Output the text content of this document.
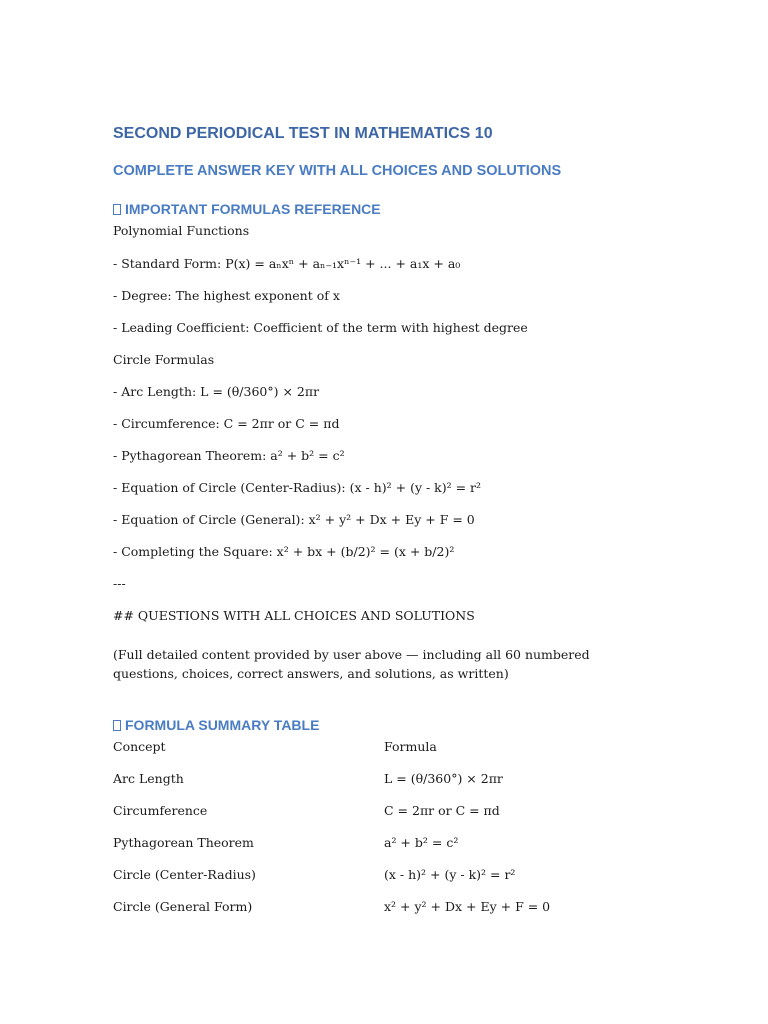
SECOND PERIODICAL TEST IN MATHEMATICS 10
COMPLETE ANSWER KEY WITH ALL CHOICES AND SOLUTIONS
IMPORTANT FORMULAS REFERENCE
Polynomial Functions
- Standard Form: P(x) = aₙxⁿ + aₙ₋₁xⁿ⁻¹ + ... + a₁x + a₀
- Degree: The highest exponent of x
- Leading Coefficient: Coefficient of the term with highest degree
Circle Formulas
- Arc Length: L = (θ/360°) × 2πr
- Circumference: C = 2πr or C = πd
- Pythagorean Theorem: a² + b² = c²
- Equation of Circle (Center-Radius): (x - h)² + (y - k)² = r²
- Equation of Circle (General): x² + y² + Dx + Ey + F = 0
- Completing the Square: x² + bx + (b/2)² = (x + b/2)²
---
## QUESTIONS WITH ALL CHOICES AND SOLUTIONS
(Full detailed content provided by user above — including all 60 numbered questions, choices, correct answers, and solutions, as written)
FORMULA SUMMARY TABLE
Concept	Formula
Arc Length	L = (θ/360°) × 2πr
Circumference	C = 2πr or C = πd
Pythagorean Theorem	a² + b² = c²
Circle (Center-Radius)	(x - h)² + (y - k)² = r²
Circle (General Form)	x² + y² + Dx + Ey + F = 0
